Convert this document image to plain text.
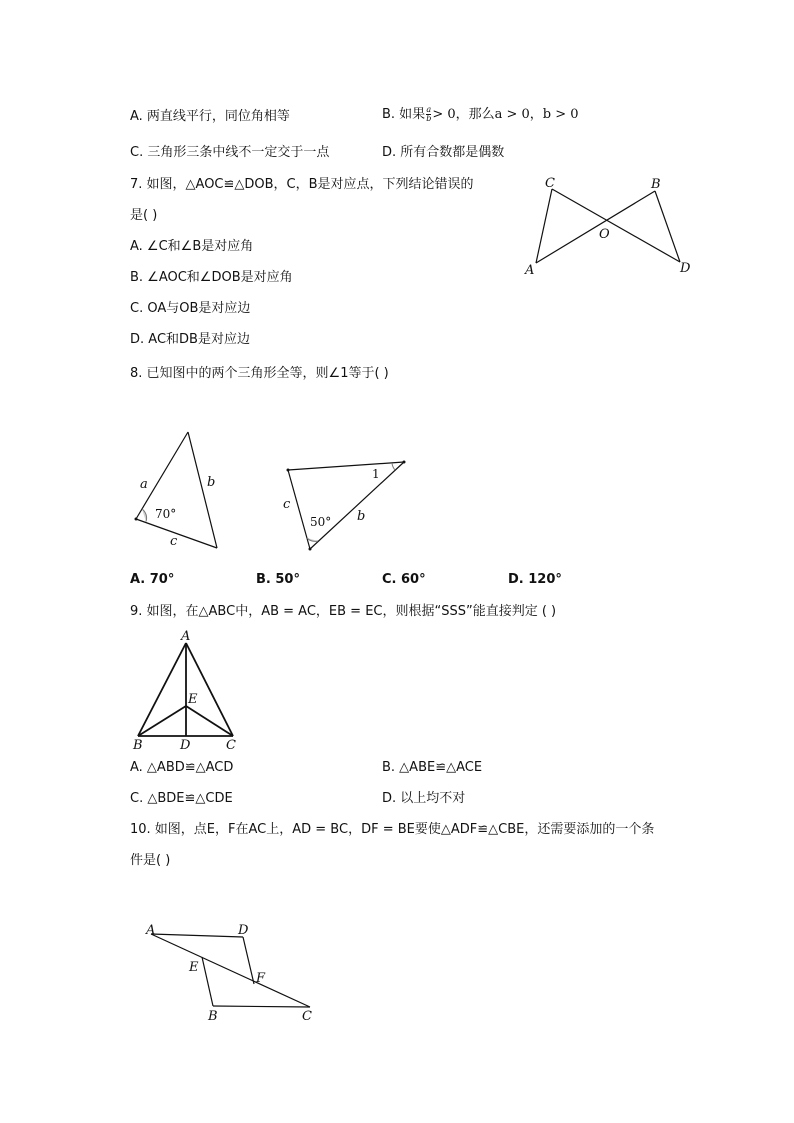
A. 两直线平行，同位角相等	B. 如果 $\frac{a}{b} > 0$，那么a > 0，b > 0
C. 三角形三条中线不一定交于一点	D. 所有合数都是偶数
7. 如图，△AOC≌△DOB，C，B是对应点，下列结论错误的
是( )
A. ∠C和∠B是对应角
B. ∠AOC和∠DOB是对应角
C. OA与OB是对应边
D. AC和DB是对应边
C	B
O
A	D
8. 已知图中的两个三角形全等，则∠1等于( )
a	b
c
70°
c
b
1
50°
A. 70°	B. 50°	C. 60°	D. 120°
9. 如图，在△ABC中，AB = AC，EB = EC，则根据“SSS”能直接判定 ( )
A
E
B	D	C
A. △ABD≌△ACD	B. △ABE≌△ACE
C. △BDE≌△CDE	D. 以上均不对
10. 如图，点E，F在AC上，AD = BC，DF = BE要使△ADF≌△CBE，还需要添加的一个条
件是( )
A	D
E
F
B	C
